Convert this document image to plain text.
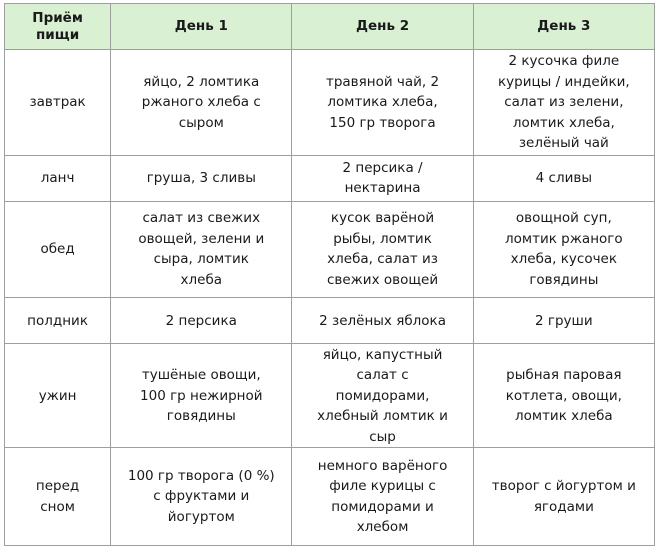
Приём пищи	День 1	День 2	День 3
завтрак	яйцо, 2 ломтика ржаного хлеба с сыром	травяной чай, 2 ломтика хлеба, 150 гр творога	2 кусочка филе курицы / индейки, салат из зелени, ломтик хлеба, зелёный чай
ланч	груша, 3 сливы	2 персика / нектарина	4 сливы
обед	салат из свежих овощей, зелени и сыра, ломтик хлеба	кусок варёной рыбы, ломтик хлеба, салат из свежих овощей	овощной суп, ломтик ржаного хлеба, кусочек говядины
полдник	2 персика	2 зелёных яблока	2 груши
ужин	тушёные овощи, 100 гр нежирной говядины	яйцо, капустный салат с помидорами, хлебный ломтик и сыр	рыбная паровая котлета, овощи, ломтик хлеба
перед сном	100 гр творога (0 %) с фруктами и йогуртом	немного варёного филе курицы с помидорами и хлебом	творог с йогуртом и ягодами
